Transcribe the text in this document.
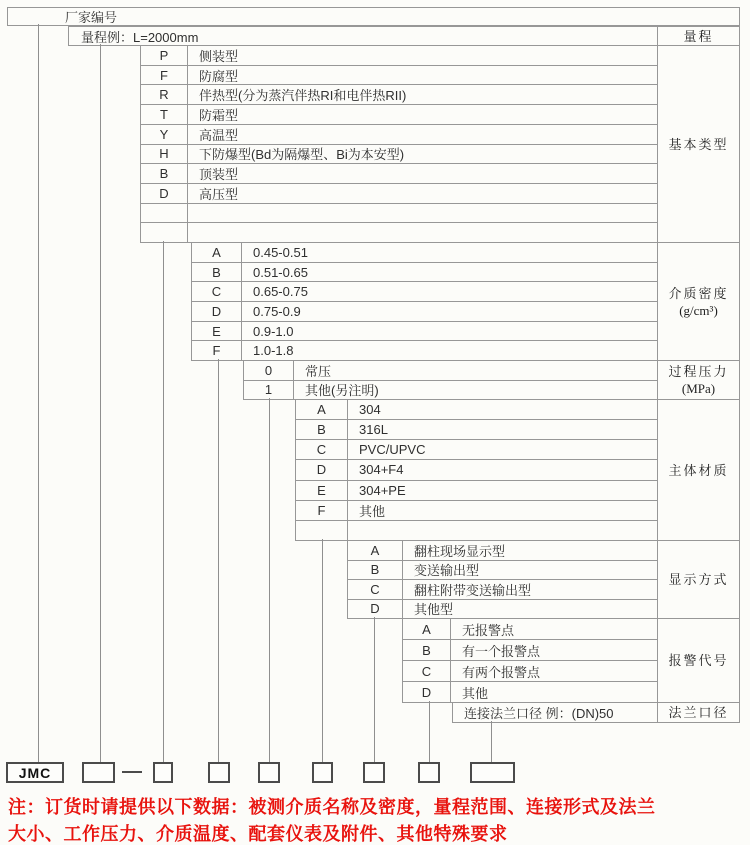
厂家编号
量程例：L=2000mm	量程
P	侧装型
F	防腐型
R	伴热型(分为蒸汽伴热RI和电伴热RII)
T	防霜型
Y	高温型
H	下防爆型(Bd为隔爆型、Bi为本安型)
B	顶装型
D	高压型
基本类型
A	0.45-0.51
B	0.51-0.65
C	0.65-0.75
D	0.75-0.9
E	0.9-1.0
F	1.0-1.8
介质密度
(g/cm³)
0	常压
1	其他(另注明)
过程压力
(MPa)
A	304
B	316L
C	PVC/UPVC
D	304+F4
E	304+PE
F	其他
主体材质
A	翻柱现场显示型
B	变送输出型
C	翻柱附带变送输出型
D	其他型
显示方式
A	无报警点
B	有一个报警点
C	有两个报警点
D	其他
报警代号
连接法兰口径 例：(DN)50	法兰口径
JMC
注：订货时请提供以下数据：被测介质名称及密度，量程范围、连接形式及法兰
大小、工作压力、介质温度、配套仪表及附件、其他特殊要求
